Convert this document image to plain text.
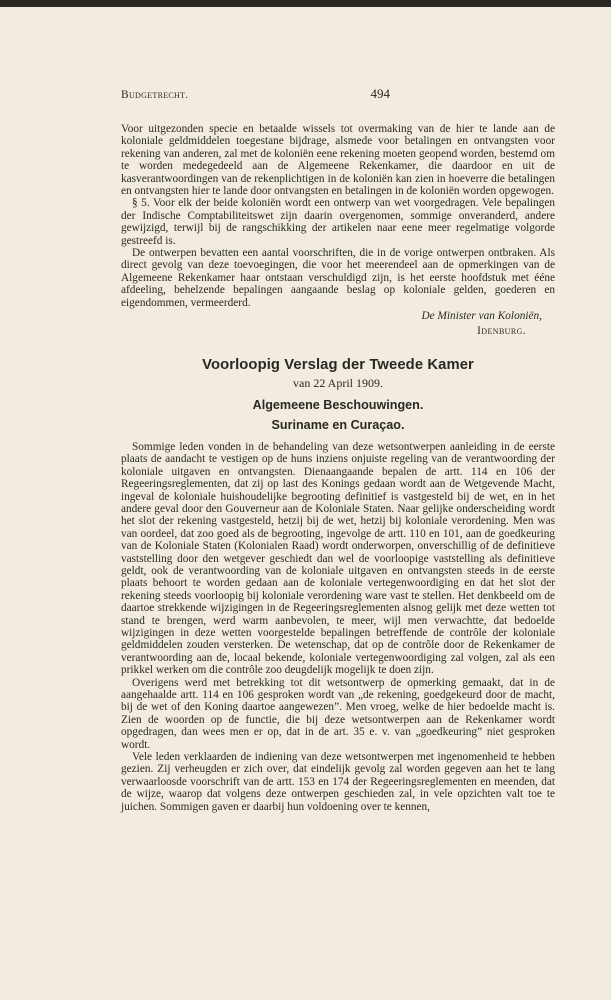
Budgetrecht.	494

Voor uitgezonden specie en betaalde wissels tot overmaking van de hier te lande aan de koloniale geldmiddelen toegestane bijdrage, alsmede voor betalingen en ontvangsten voor rekening van anderen, zal met de koloniën eene rekening moeten geopend worden, bestemd om te worden medegedeeld aan de Algemeene Rekenkamer, die daardoor en uit de kasverantwoordingen van de rekenplichtigen in de koloniën kan zien in hoeverre die betalingen en ontvangsten hier te lande door ontvangsten en betalingen in de koloniën worden opgewogen.

§ 5. Voor elk der beide koloniën wordt een ontwerp van wet voorgedragen. Vele bepalingen der Indische Comptabiliteitswet zijn daarin overgenomen, sommige onveranderd, andere gewijzigd, terwijl bij de rangschikking der artikelen naar eene meer regelmatige volgorde gestreefd is.

De ontwerpen bevatten een aantal voorschriften, die in de vorige ontwerpen ontbraken. Als direct gevolg van deze toevoegingen, die voor het meerendeel aan de opmerkingen van de Algemeene Rekenkamer haar ontstaan verschuldigd zijn, is het eerste hoofdstuk met ééne afdeeling, behelzende bepalingen aangaande beslag op koloniale gelden, goederen en eigendommen, vermeerderd.

De Minister van Koloniën,
Idenburg.
Voorloopig Verslag der Tweede Kamer
van 22 April 1909.
Algemeene Beschouwingen.
Suriname en Curaçao.

Sommige leden vonden in de behandeling van deze wetsontwerpen aanleiding in de eerste plaats de aandacht te vestigen op de huns inziens onjuiste regeling van de verantwoording der koloniale uitgaven en ontvangsten. Dienaangaande bepalen de artt. 114 en 106 der Regeeringsreglementen, dat zij op last des Konings gedaan wordt aan de Wetgevende Macht, ingeval de koloniale huishoudelijke begrooting definitief is vastgesteld bij de wet, en in het andere geval door den Gouverneur aan de Koloniale Staten. Naar gelijke onderscheiding wordt het slot der rekening vastgesteld, hetzij bij de wet, hetzij bij koloniale verordening. Men was van oordeel, dat zoo goed als de begrooting, ingevolge de artt. 110 en 101, aan de goedkeuring van de Koloniale Staten (Kolonialen Raad) wordt onderworpen, onverschillig of de definitieve vaststelling door den wetgever geschiedt dan wel de voorloopige vaststelling als definitieve geldt, ook de verantwoording van de koloniale uitgaven en ontvangsten steeds in de eerste plaats behoort te worden gedaan aan de koloniale vertegenwoordiging en dat het slot der rekening steeds voorloopig bij koloniale verordening ware vast te stellen. Het denkbeeld om de daartoe strekkende wijzigingen in de Regeeringsreglementen alsnog gelijk met deze wetten tot stand te brengen, werd warm aanbevolen, te meer, wijl men verwachtte, dat bedoelde wijzigingen in deze wetten voorgestelde bepalingen betreffende de contrôle der koloniale geldmiddelen zouden versterken. De wetenschap, dat op de contrôle door de Rekenkamer de verantwoording aan de, locaal bekende, koloniale vertegenwoordiging zal volgen, zal als een prikkel werken om die contrôle zoo deugdelijk mogelijk te doen zijn.

Overigens werd met betrekking tot dit wetsontwerp de opmerking gemaakt, dat in de aangehaalde artt. 114 en 106 gesproken wordt van „de rekening, goedgekeurd door de macht, bij de wet of den Koning daartoe aangewezen”. Men vroeg, welke de hier bedoelde macht is. Zien de woorden op de functie, die bij deze wetsontwerpen aan de Rekenkamer wordt opgedragen, dan wees men er op, dat in de art. 35 e. v. van „goedkeuring” niet gesproken wordt.

Vele leden verklaarden de indiening van deze wetsontwerpen met ingenomenheid te hebben gezien. Zij verheugden er zich over, dat eindelijk gevolg zal worden gegeven aan het te lang verwaarloosde voorschrift van de artt. 153 en 174 der Regeeringsreglementen en meenden, dat de wijze, waarop dat volgens deze ontwerpen geschieden zal, in vele opzichten valt toe te juichen. Sommigen gaven er daarbij hun voldoening over te kennen,
